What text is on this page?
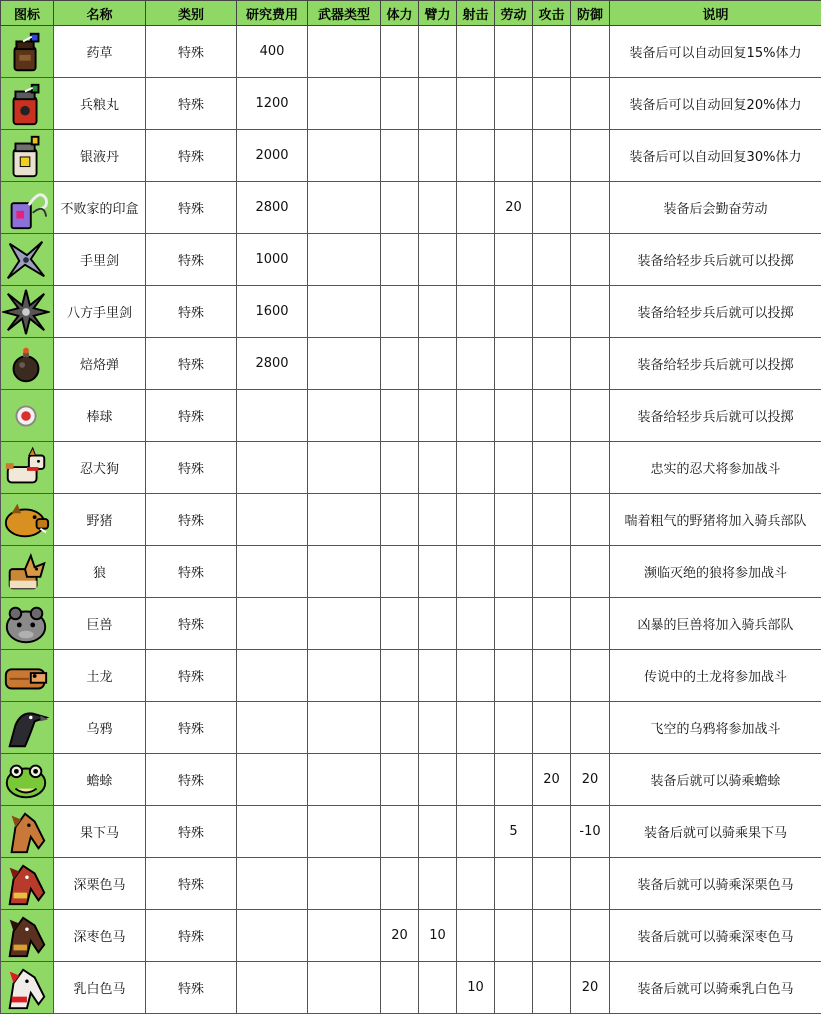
图标	名称	类别	研究费用	武器类型	体力	臂力	射击	劳动	攻击	防御	说明

	药草	特殊	400								装备后可以自动回复15%体力

	兵粮丸	特殊	1200								装备后可以自动回复20%体力

	银液丹	特殊	2000								装备后可以自动回复30%体力

	不败家的印盒	特殊	2800					20			装备后会勤奋劳动

	手里剑	特殊	1000								装备给轻步兵后就可以投掷

	八方手里剑	特殊	1600								装备给轻步兵后就可以投掷

	焙烙弹	特殊	2800								装备给轻步兵后就可以投掷

	棒球	特殊									装备给轻步兵后就可以投掷

	忍犬狗	特殊									忠实的忍犬将参加战斗

	野猪	特殊									喘着粗气的野猪将加入骑兵部队

	狼	特殊									濒临灭绝的狼将参加战斗

	巨兽	特殊									凶暴的巨兽将加入骑兵部队

	土龙	特殊									传说中的土龙将参加战斗

	乌鸦	特殊									飞空的乌鸦将参加战斗

	蟾蜍	特殊							20	20	装备后就可以骑乘蟾蜍

	果下马	特殊						5		-10	装备后就可以骑乘果下马

	深栗色马	特殊									装备后就可以骑乘深栗色马

	深枣色马	特殊			20	10					装备后就可以骑乘深枣色马

	乳白色马	特殊					10			20	装备后就可以骑乘乳白色马
